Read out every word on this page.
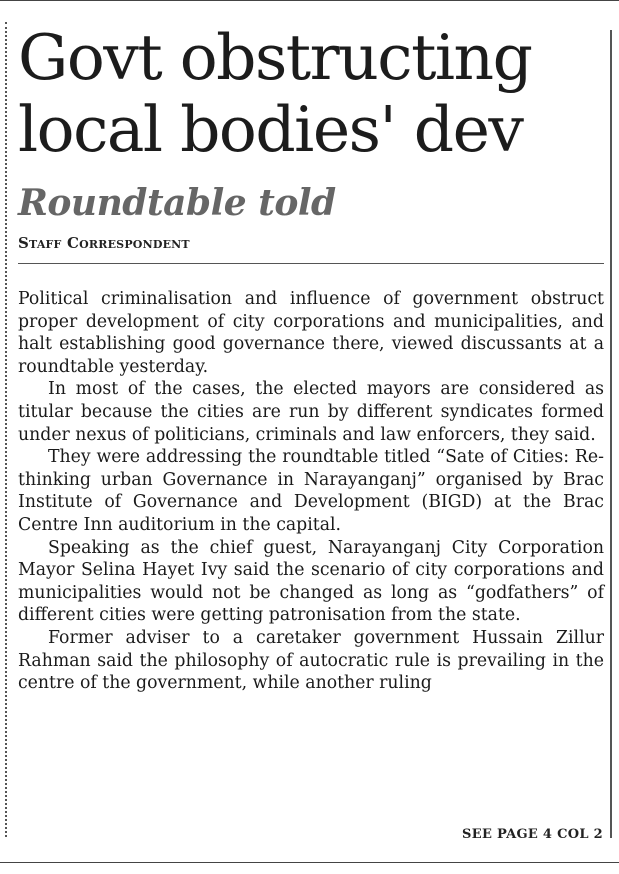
Govt obstructing
local bodies' dev
Roundtable told
Staff Correspondent

Political criminalisation and influence of government obstruct proper development of city corporations and municipalities, and halt establishing good governance there, viewed discussants at a roundtable yesterday.

In most of the cases, the elected mayors are considered as titular because the cities are run by different syndicates formed under nexus of politicians, criminals and law enforcers, they said.

They were addressing the roundtable titled “Sate of Cities: Re-thinking urban Governance in Narayanganj” organised by Brac Institute of Governance and Development (BIGD) at the Brac Centre Inn auditorium in the capital.

Speaking as the chief guest, Narayanganj City Corporation Mayor Selina Hayet Ivy said the scenario of city corporations and municipalities would not be changed as long as “godfathers” of different cities were getting patronisation from the state.

Former adviser to a caretaker government Hussain Zillur Rahman said the philosophy of autocratic rule is prevailing in the centre of the government, while another ruling

SEE PAGE 4 COL 2
